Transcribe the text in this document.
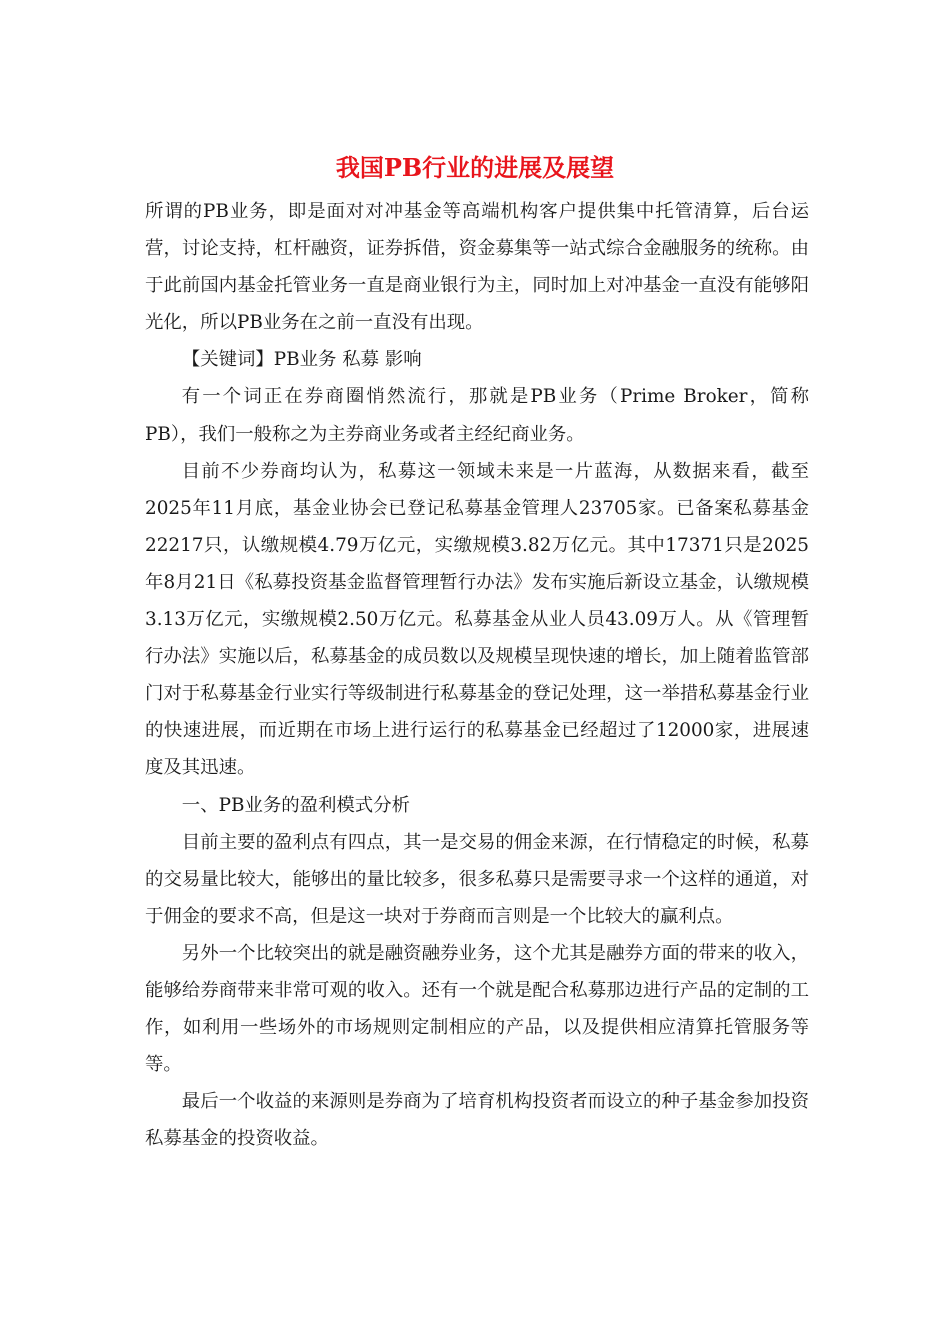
我国PB行业的进展及展望

所谓的PB业务，即是面对对冲基金等高端机构客户提供集中托管清算，后台运营，讨论支持，杠杆融资，证券拆借，资金募集等一站式综合金融服务的统称。由于此前国内基金托管业务一直是商业银行为主，同时加上对冲基金一直没有能够阳光化，所以PB业务在之前一直没有出现。

【关键词】PB业务 私募 影响

有一个词正在券商圈悄然流行，那就是PB业务（Prime Broker，简称PB），我们一般称之为主券商业务或者主经纪商业务。

目前不少券商均认为，私募这一领域未来是一片蓝海，从数据来看，截至2025年11月底，基金业协会已登记私募基金管理人23705家。已备案私募基金22217只，认缴规模4.79万亿元，实缴规模3.82万亿元。其中17371只是2025年8月21日《私募投资基金监督管理暂行办法》发布实施后新设立基金，认缴规模3.13万亿元，实缴规模2.50万亿元。私募基金从业人员43.09万人。从《管理暂行办法》实施以后，私募基金的成员数以及规模呈现快速的增长，加上随着监管部门对于私募基金行业实行等级制进行私募基金的登记处理，这一举措私募基金行业的快速进展，而近期在市场上进行运行的私募基金已经超过了12000家，进展速度及其迅速。

一、PB业务的盈利模式分析

目前主要的盈利点有四点，其一是交易的佣金来源，在行情稳定的时候，私募的交易量比较大，能够出的量比较多，很多私募只是需要寻求一个这样的通道，对于佣金的要求不高，但是这一块对于券商而言则是一个比较大的赢利点。

另外一个比较突出的就是融资融券业务，这个尤其是融券方面的带来的收入，能够给券商带来非常可观的收入。还有一个就是配合私募那边进行产品的定制的工作，如利用一些场外的市场规则定制相应的产品，以及提供相应清算托管服务等等。

最后一个收益的来源则是券商为了培育机构投资者而设立的种子基金参加投资私募基金的投资收益。
